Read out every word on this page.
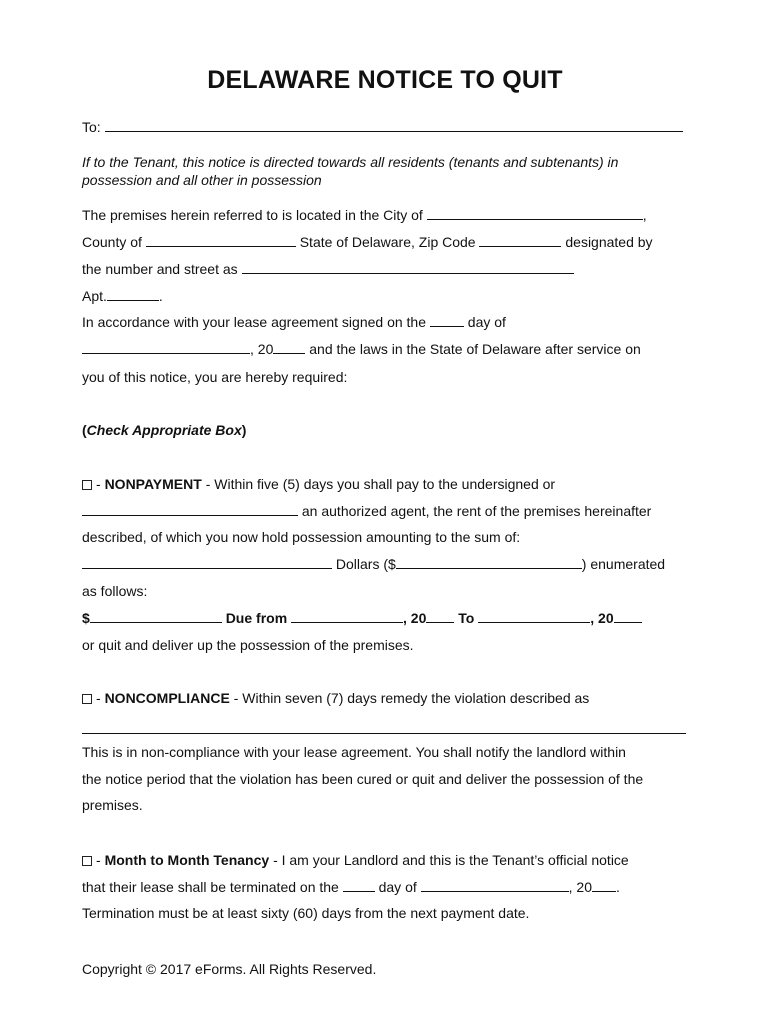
DELAWARE NOTICE TO QUIT

To:

If to the Tenant, this notice is directed towards all residents (tenants and subtenants) in

possession and all other in possession

The premises herein referred to is located in the City of	,

County of	State of Delaware, Zip Code	designated by

the number and street as

Apt.	.

In accordance with your lease agreement signed on the	day of

, 20	and the laws in the State of Delaware after service on

you of this notice, you are hereby required:

(Check Appropriate Box)

- NONPAYMENT - Within five (5) days you shall pay to the undersigned or

an authorized agent, the rent of the premises hereinafter

described, of which you now hold possession amounting to the sum of:

Dollars ($	) enumerated

as follows:

$	Due from	, 20 To	, 20

or quit and deliver up the possession of the premises.

- NONCOMPLIANCE - Within seven (7) days remedy the violation described as

This is in non-compliance with your lease agreement. You shall notify the landlord within

the notice period that the violation has been cured or quit and deliver the possession of the

premises.

- Month to Month Tenancy - I am your Landlord and this is the Tenant’s official notice

that their lease shall be terminated on the	day of	, 20 .

Termination must be at least sixty (60) days from the next payment date.

Copyright © 2017 eForms. All Rights Reserved.
